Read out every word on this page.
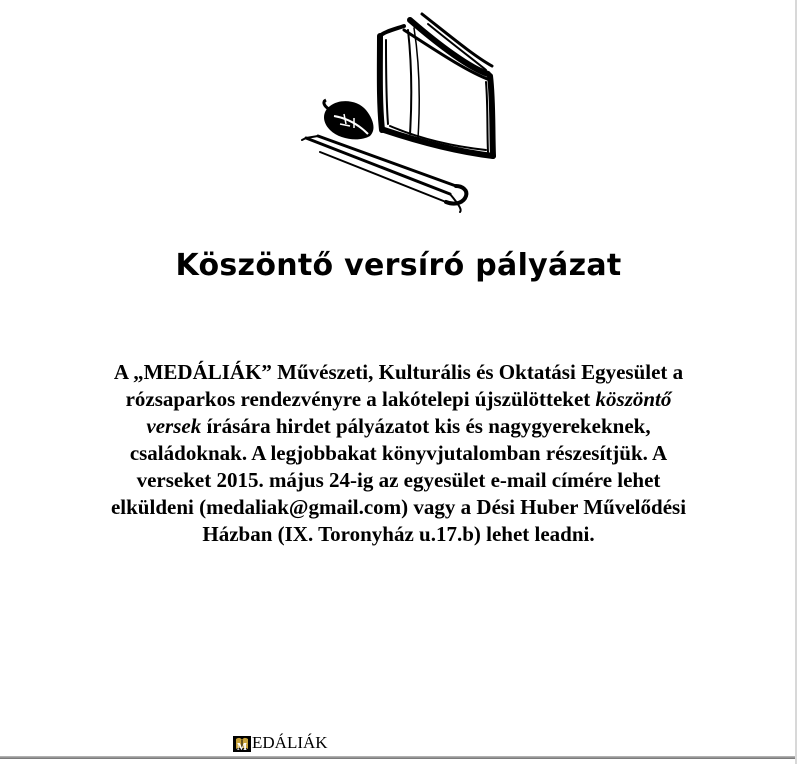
Köszöntő versíró pályázat

A „MEDÁLIÁK” Művészeti, Kulturális és Oktatási Egyesület a rózsaparkos rendezvényre a lakótelepi újszülötteket köszöntő versek írására hirdet pályázatot kis és nagygyerekeknek, családoknak. A legjobbakat könyvjutalomban részesítjük. A verseket 2015. május 24-ig az egyesület e-mail címére lehet elküldeni (medaliak@gmail.com) vagy a Dési Huber Művelődési Házban (IX. Toronyház u.17.b) lehet leadni.

M EDÁLIÁK
